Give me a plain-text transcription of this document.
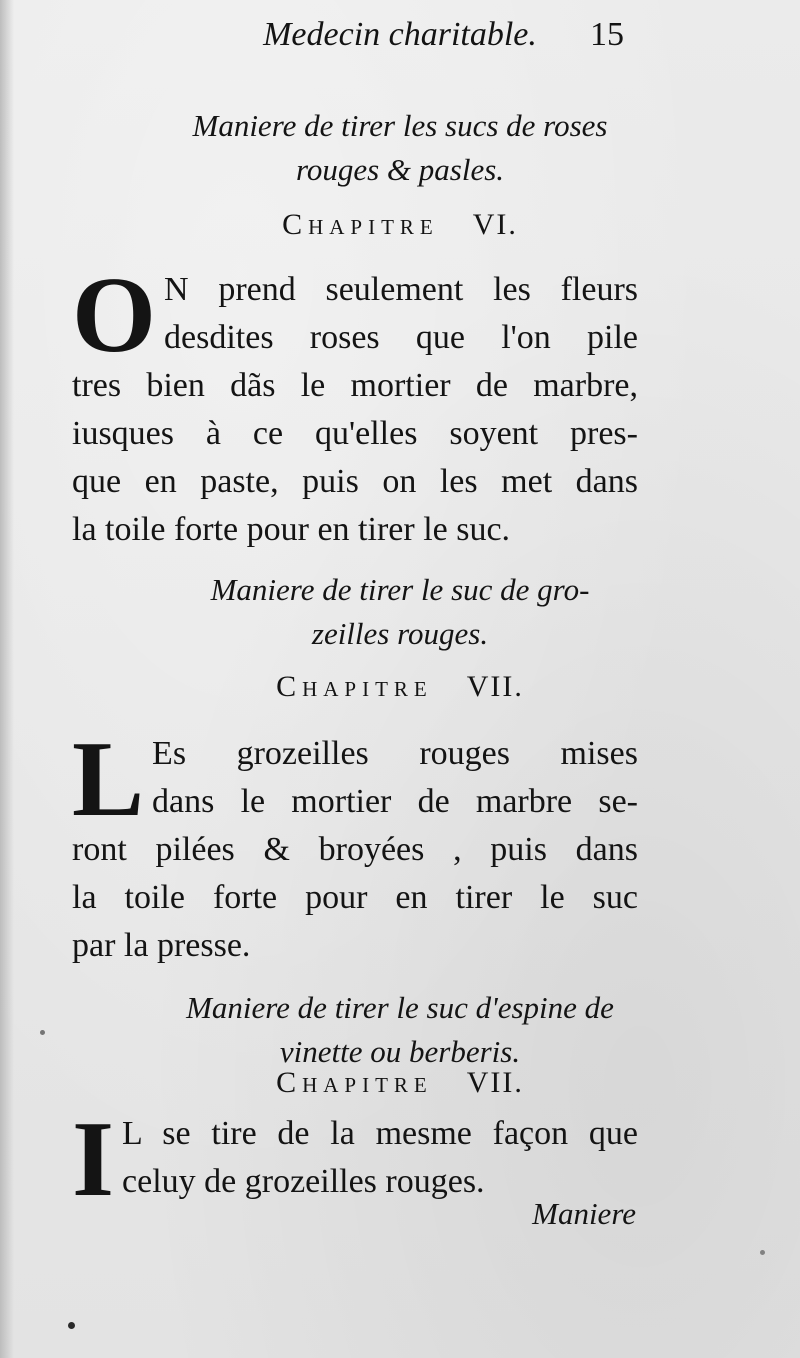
Medecin charitable.	15
Maniere de tirer les sucs de roses
rouges & pasles.
Chapitre VI.
O N prend seulement les fleurs
desdites roses que l'on pile
tres bien dãs le mortier de marbre,
iusques à ce qu'elles soyent pres-
que en paste, puis on les met dans
la toile forte pour en tirer le suc.
Maniere de tirer le suc de gro-
zeilles rouges.
Chapitre VII.
L Es grozeilles rouges mises
dans le mortier de marbre se-
ront pilées & broyées , puis dans
la toile forte pour en tirer le suc
par la presse.
Maniere de tirer le suc d'espine de
vinette ou berberis.
Chapitre VII.
I L se tire de la mesme façon que
celuy de grozeilles rouges.
Maniere
